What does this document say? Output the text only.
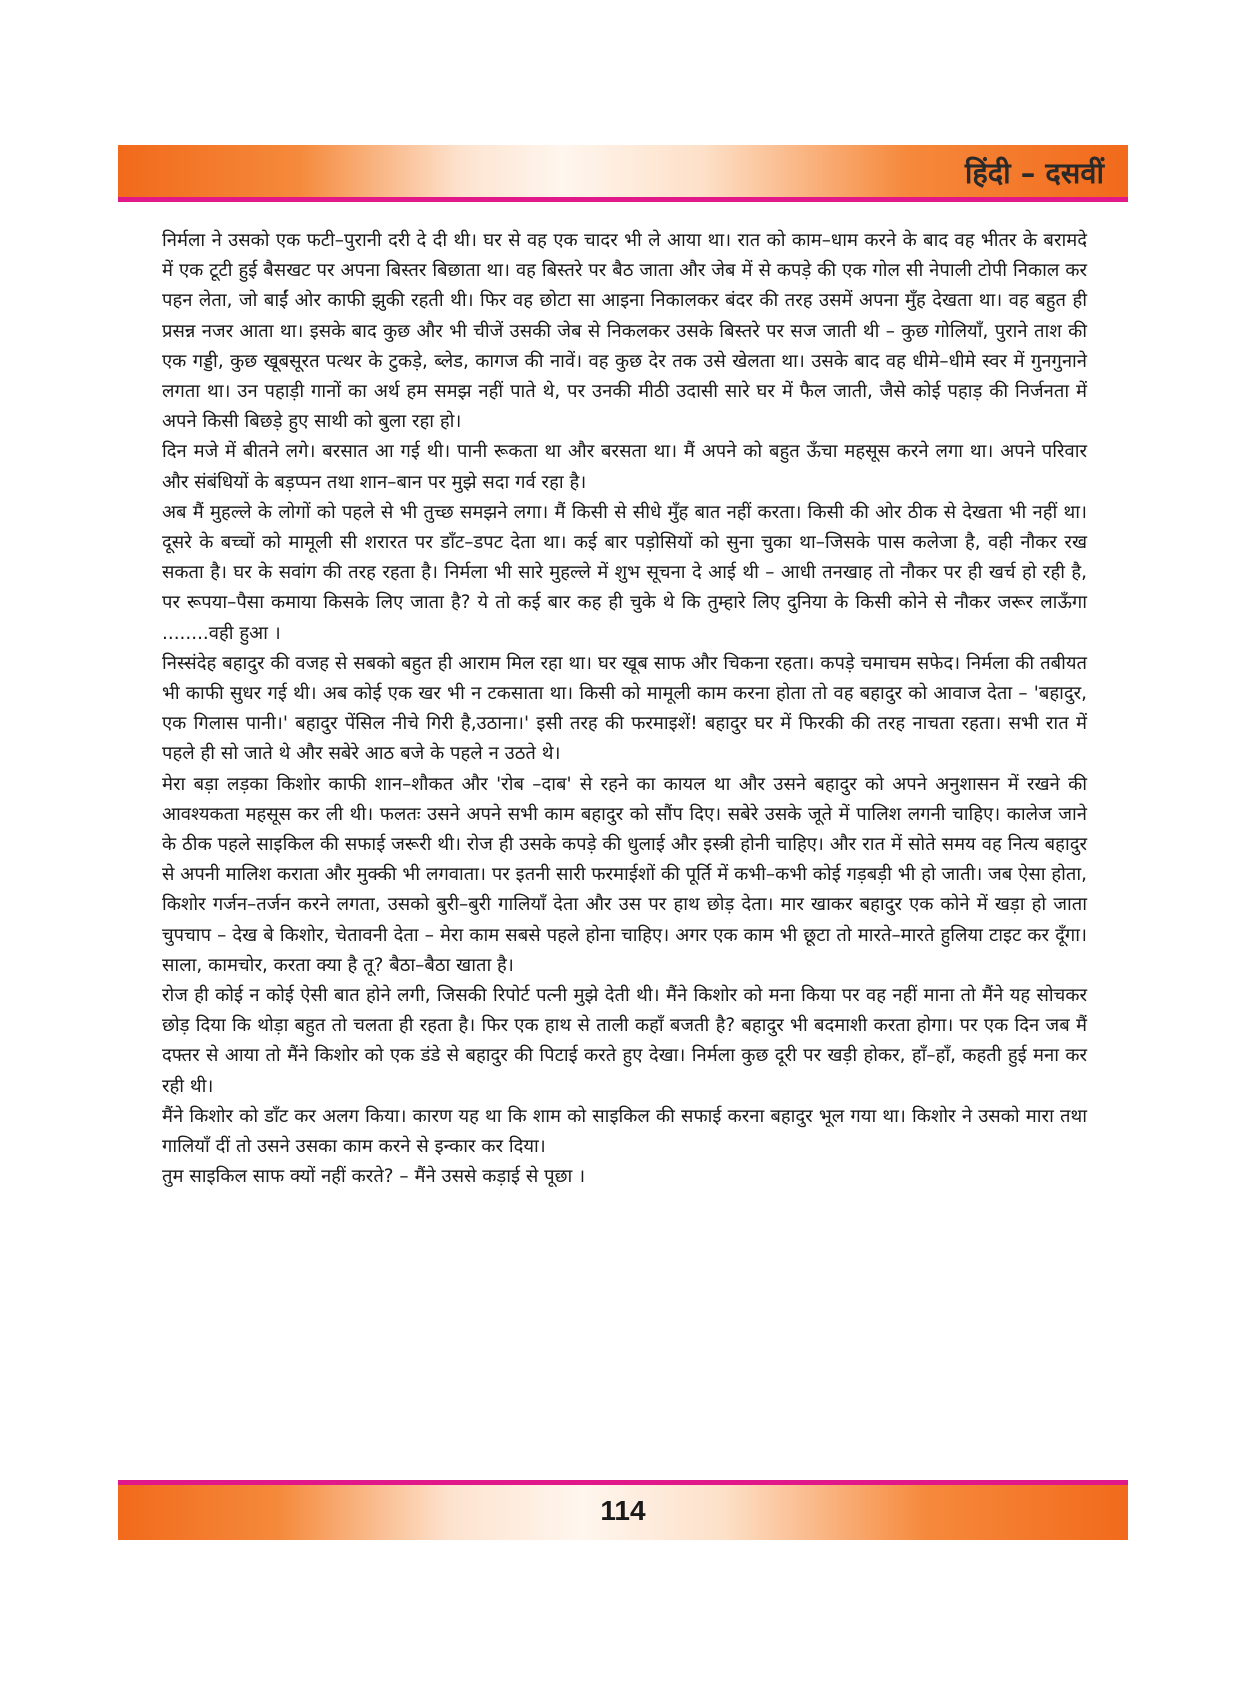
हिंदी – दसवीं

निर्मला ने उसको एक फटी–पुरानी दरी दे दी थी। घर से वह एक चादर भी ले आया था। रात को काम–धाम करने के बाद वह भीतर के बरामदे में एक टूटी हुई बैसखट पर अपना बिस्तर बिछाता था। वह बिस्तरे पर बैठ जाता और जेब में से कपड़े की एक गोल सी नेपाली टोपी निकाल कर पहन लेता, जो बाईं ओर काफी झुकी रहती थी। फिर वह छोटा सा आइना निकालकर बंदर की तरह उसमें अपना मुँह देखता था। वह बहुत ही प्रसन्न नजर आता था। इसके बाद कुछ और भी चीजें उसकी जेब से निकलकर उसके बिस्तरे पर सज जाती थी – कुछ गोलियाँ, पुराने ताश की एक गड्डी, कुछ खूबसूरत पत्थर के टुकड़े, ब्लेड, कागज की नावें। वह कुछ देर तक उसे खेलता था। उसके बाद वह धीमे–धीमे स्वर में गुनगुनाने लगता था। उन पहाड़ी गानों का अर्थ हम समझ नहीं पाते थे, पर उनकी मीठी उदासी सारे घर में फैल जाती, जैसे कोई पहाड़ की निर्जनता में अपने किसी बिछड़े हुए साथी को बुला रहा हो।

दिन मजे में बीतने लगे। बरसात आ गई थी। पानी रूकता था और बरसता था। मैं अपने को बहुत ऊँचा महसूस करने लगा था। अपने परिवार और संबंधियों के बड़प्पन तथा शान–बान पर मुझे सदा गर्व रहा है।

अब मैं मुहल्ले के लोगों को पहले से भी तुच्छ समझने लगा। मैं किसी से सीधे मुँह बात नहीं करता। किसी की ओर ठीक से देखता भी नहीं था। दूसरे के बच्चों को मामूली सी शरारत पर डाँट–डपट देता था। कई बार पड़ोसियों को सुना चुका था–जिसके पास कलेजा है, वही नौकर रख सकता है। घर के सवांग की तरह रहता है। निर्मला भी सारे मुहल्ले में शुभ सूचना दे आई थी – आधी तनखाह तो नौकर पर ही खर्च हो रही है, पर रूपया–पैसा कमाया किसके लिए जाता है? ये तो कई बार कह ही चुके थे कि तुम्हारे लिए दुनिया के किसी कोने से नौकर जरूर लाऊँगा ........वही हुआ ।

निस्संदेह बहादुर की वजह से सबको बहुत ही आराम मिल रहा था। घर खूब साफ और चिकना रहता। कपड़े चमाचम सफेद। निर्मला की तबीयत भी काफी सुधर गई थी। अब कोई एक खर भी न टकसाता था। किसी को मामूली काम करना होता तो वह बहादुर को आवाज देता – 'बहादुर, एक गिलास पानी।' बहादुर पेंसिल नीचे गिरी है,उठाना।' इसी तरह की फरमाइशें! बहादुर घर में फिरकी की तरह नाचता रहता। सभी रात में पहले ही सो जाते थे और सबेरे आठ बजे के पहले न उठते थे।

मेरा बड़ा लड़का किशोर काफी शान–शौकत और 'रोब –दाब' से रहने का कायल था और उसने बहादुर को अपने अनुशासन में रखने की आवश्यकता महसूस कर ली थी। फलतः उसने अपने सभी काम बहादुर को सौंप दिए। सबेरे उसके जूते में पालिश लगनी चाहिए। कालेज जाने के ठीक पहले साइकिल की सफाई जरूरी थी। रोज ही उसके कपड़े की धुलाई और इस्त्री होनी चाहिए। और रात में सोते समय वह नित्य बहादुर से अपनी मालिश कराता और मुक्की भी लगवाता। पर इतनी सारी फरमाईशों की पूर्ति में कभी–कभी कोई गड़बड़ी भी हो जाती। जब ऐसा होता, किशोर गर्जन–तर्जन करने लगता, उसको बुरी–बुरी गालियाँ देता और उस पर हाथ छोड़ देता। मार खाकर बहादुर एक कोने में खड़ा हो जाता चुपचाप – देख बे किशोर, चेतावनी देता – मेरा काम सबसे पहले होना चाहिए। अगर एक काम भी छूटा तो मारते–मारते हुलिया टाइट कर दूँगा। साला, कामचोर, करता क्या है तू? बैठा–बैठा खाता है।

रोज ही कोई न कोई ऐसी बात होने लगी, जिसकी रिपोर्ट पत्नी मुझे देती थी। मैंने किशोर को मना किया पर वह नहीं माना तो मैंने यह सोचकर छोड़ दिया कि थोड़ा बहुत तो चलता ही रहता है। फिर एक हाथ से ताली कहाँ बजती है? बहादुर भी बदमाशी करता होगा। पर एक दिन जब मैं दफ्तर से आया तो मैंने किशोर को एक डंडे से बहादुर की पिटाई करते हुए देखा। निर्मला कुछ दूरी पर खड़ी होकर, हाँ–हाँ, कहती हुई मना कर रही थी।

मैंने किशोर को डाँट कर अलग किया। कारण यह था कि शाम को साइकिल की सफाई करना बहादुर भूल गया था। किशोर ने उसको मारा तथा गालियाँ दीं तो उसने उसका काम करने से इन्कार कर दिया।

तुम साइकिल साफ क्यों नहीं करते? – मैंने उससे कड़ाई से पूछा ।

114
